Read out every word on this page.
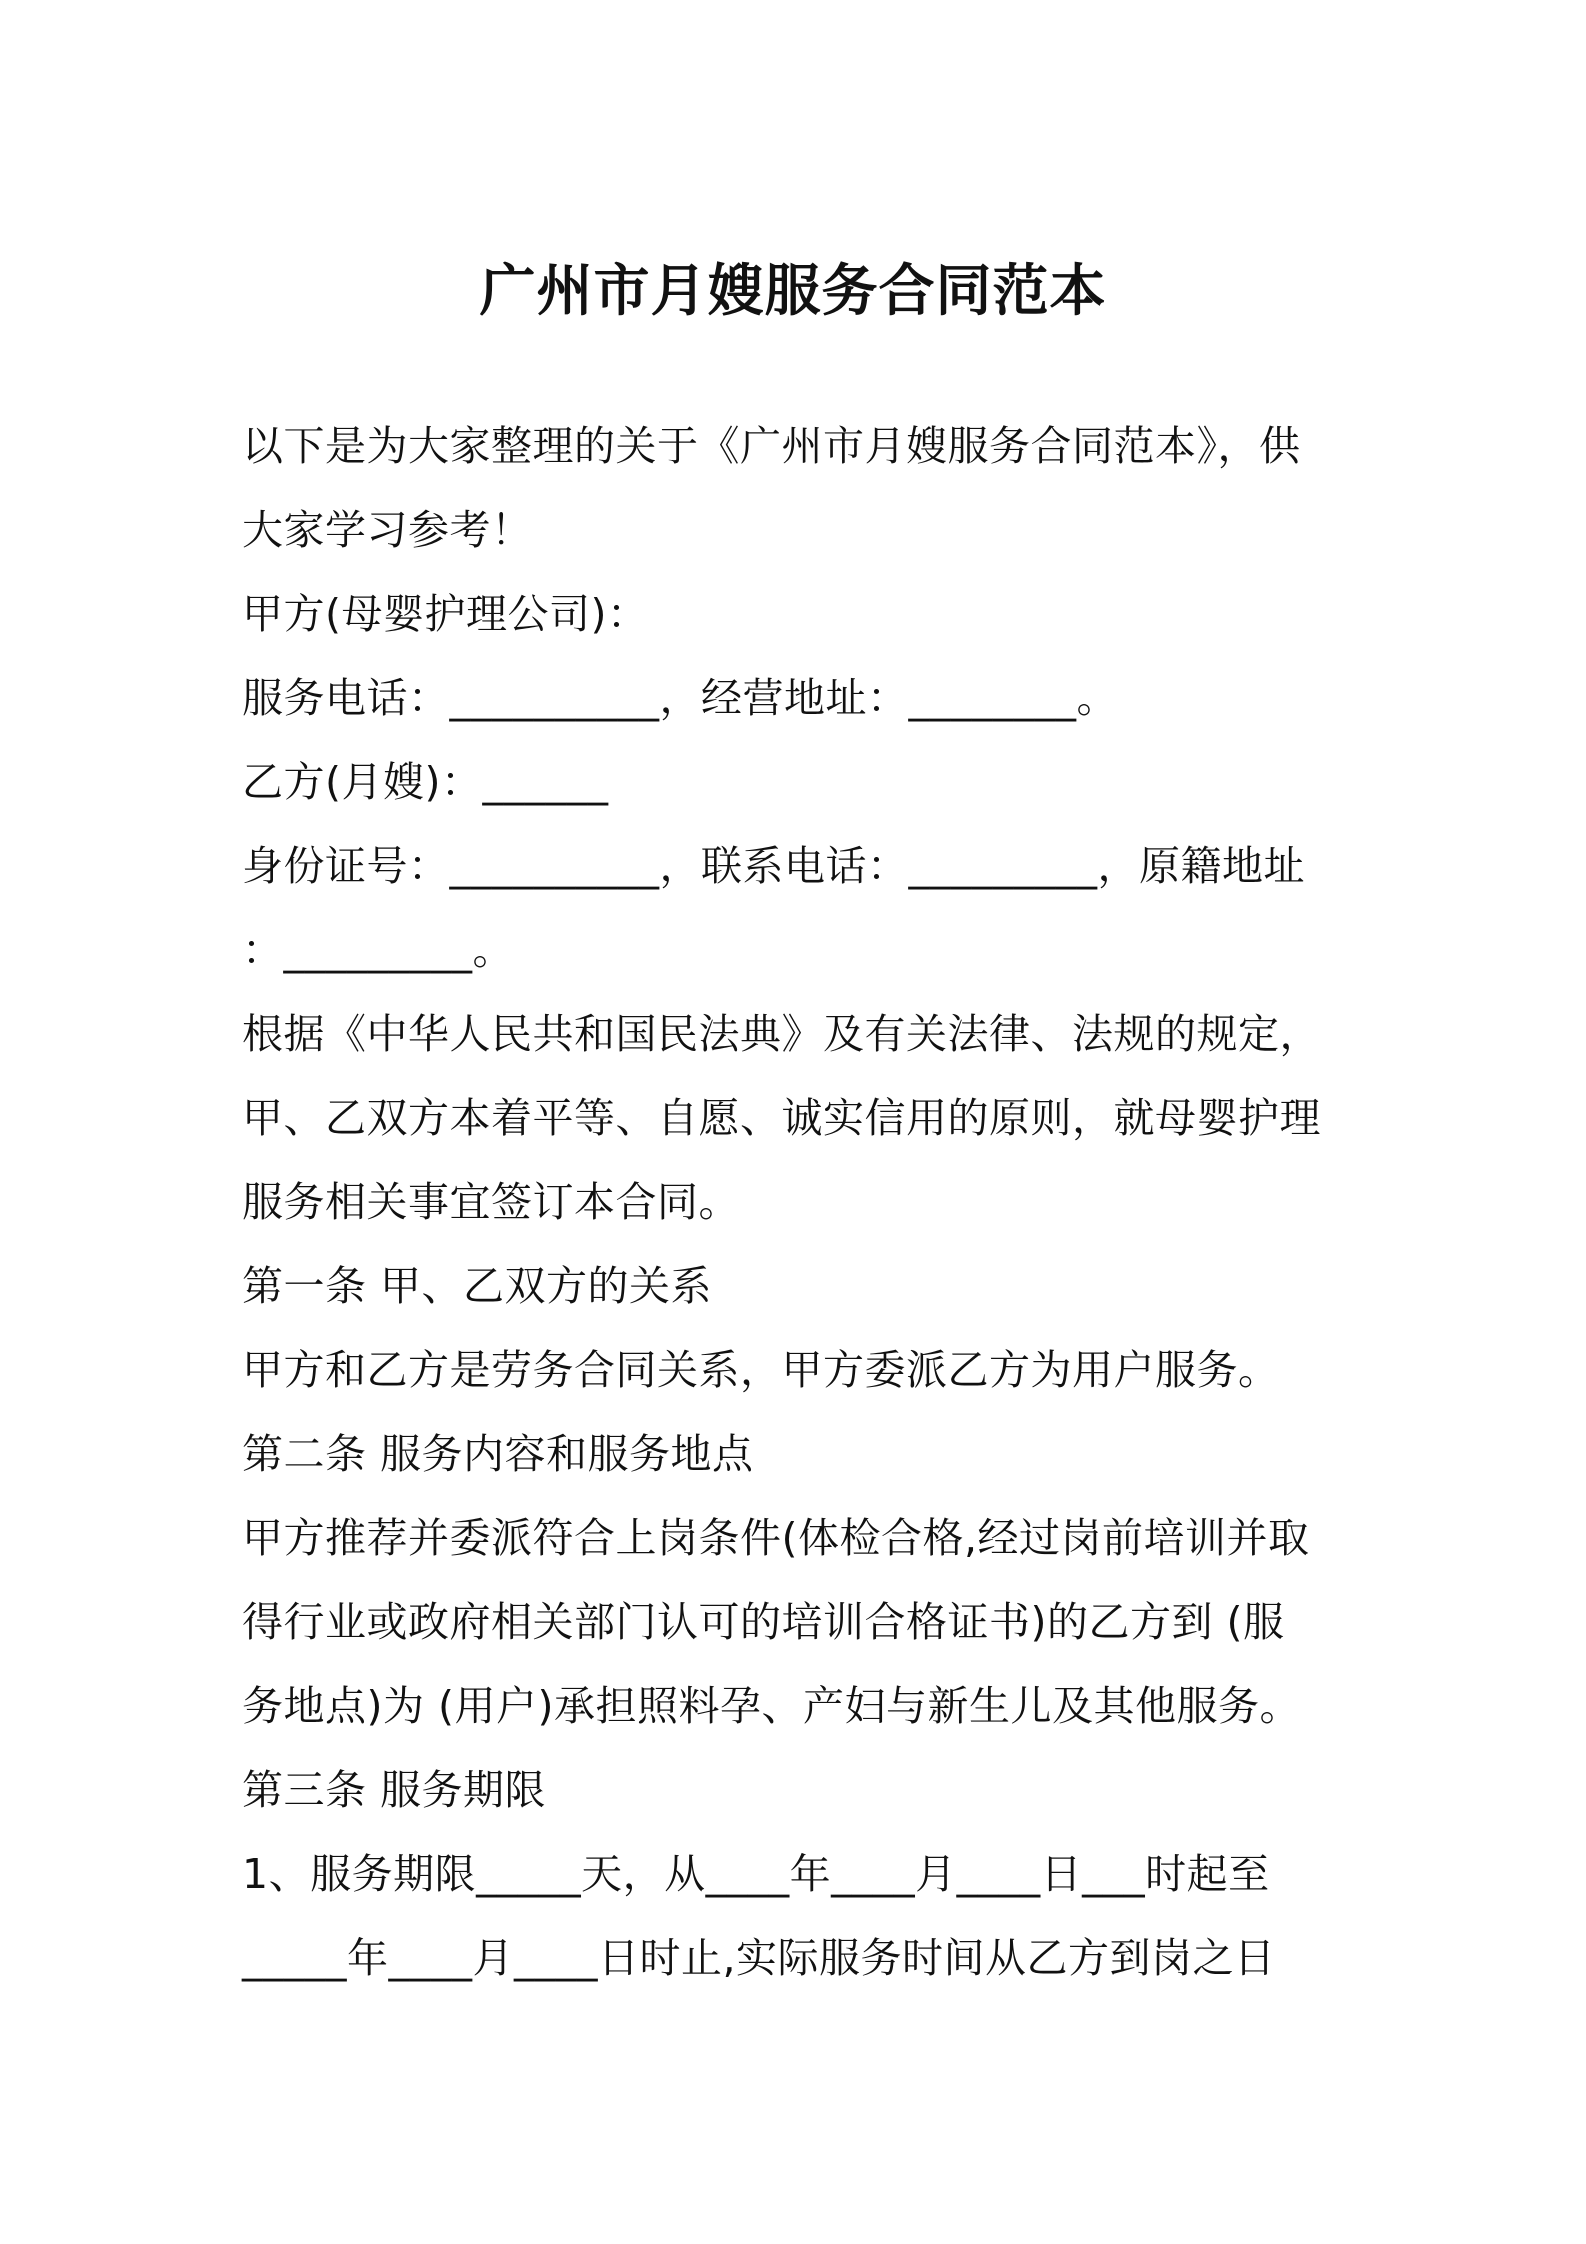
广州市月嫂服务合同范本
以下是为大家整理的关于《广州市月嫂服务合同范本》，供
大家学习参考！
甲方(母婴护理公司)：
服务电话：__________，经营地址：________。
乙方(月嫂)：______
身份证号：__________，联系电话：_________，原籍地址
：_________。
根据《中华人民共和国民法典》及有关法律、法规的规定，
甲、乙双方本着平等、自愿、诚实信用的原则，就母婴护理
服务相关事宜签订本合同。
第一条 甲、乙双方的关系
甲方和乙方是劳务合同关系，甲方委派乙方为用户服务。
第二条 服务内容和服务地点
甲方推荐并委派符合上岗条件(体检合格,经过岗前培训并取
得行业或政府相关部门认可的培训合格证书)的乙方到 (服
务地点)为 (用户)承担照料孕、产妇与新生儿及其他服务。
第三条 服务期限
1、服务期限_____天，从____年____月____日___时起至
_____年____月____日时止,实际服务时间从乙方到岗之日
